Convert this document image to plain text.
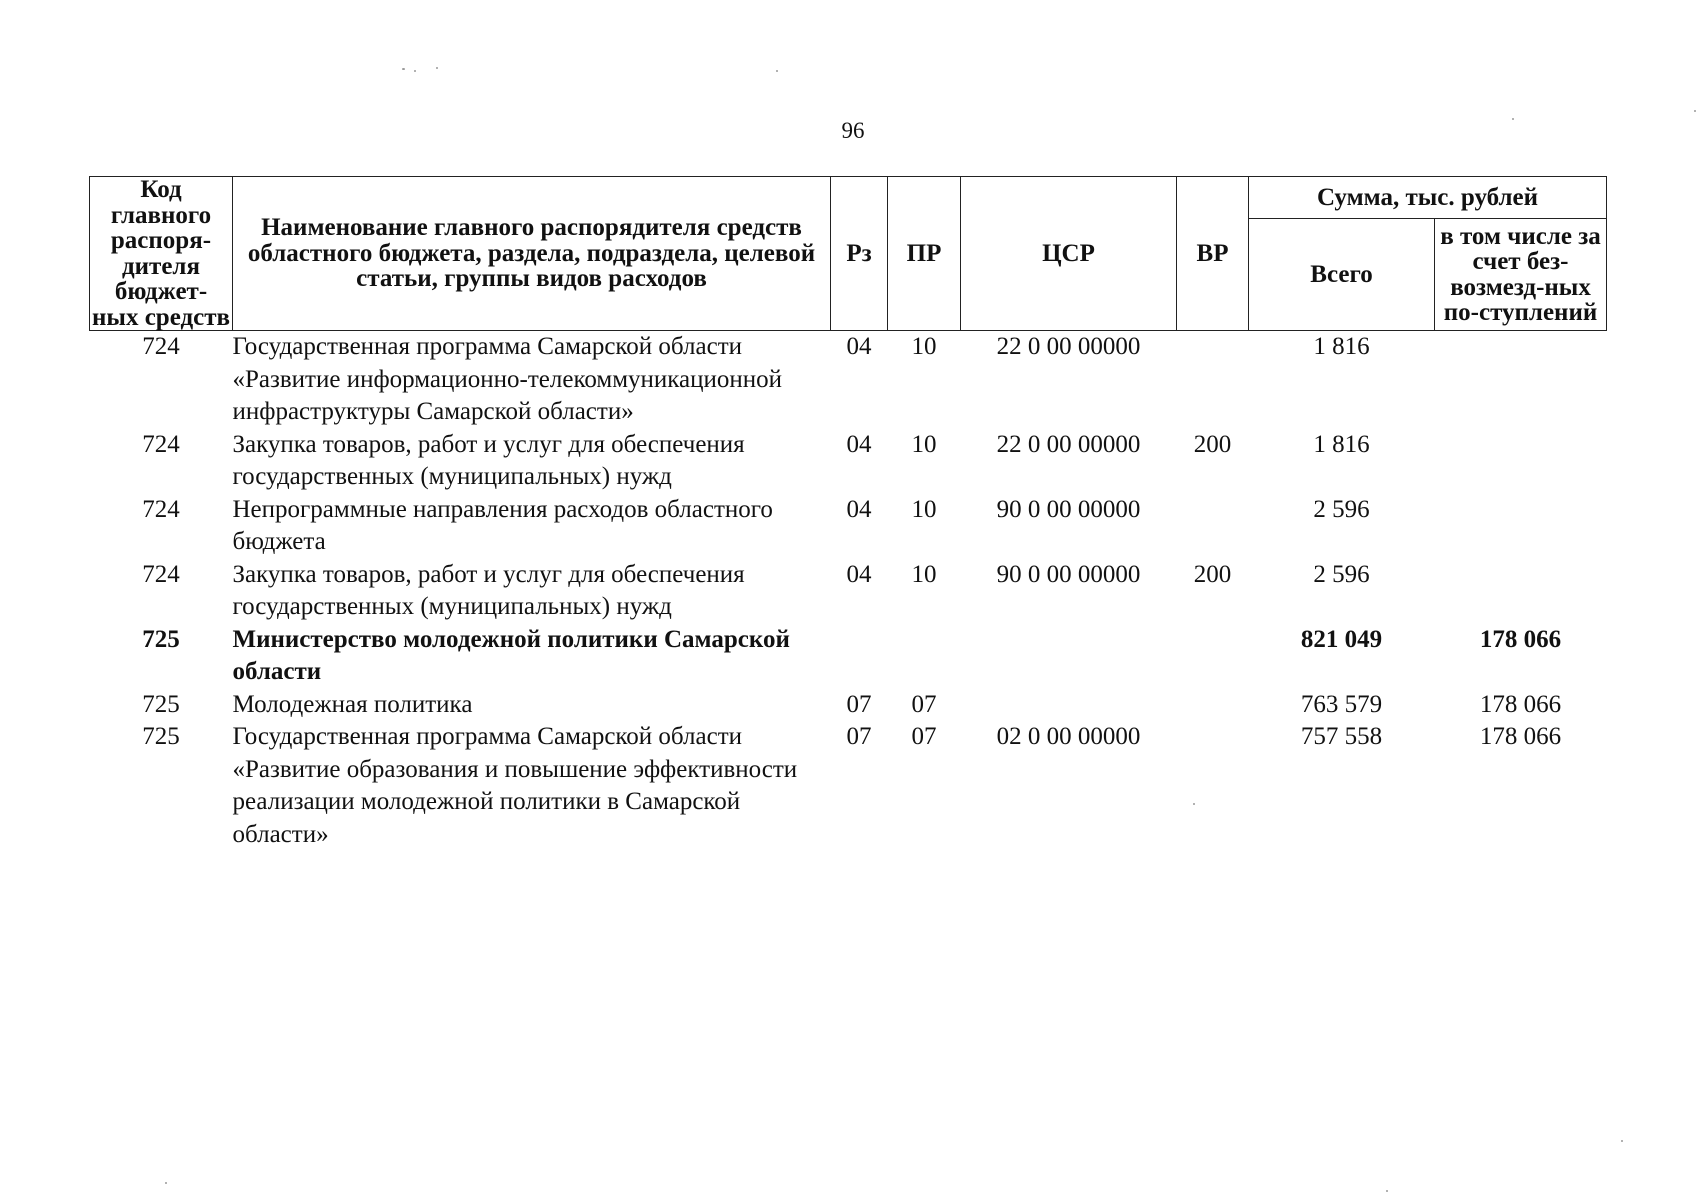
96
Код главного распоря-дителя бюджет-ных средств	Наименование главного распорядителя средств областного бюджета, раздела, подраздела, целевой статьи, группы видов расходов	Рз	ПР	ЦСР	ВР	Сумма, тыс. рублей	
						Всего	в том числе за счет без-возмезд-ных по-ступлений
724	Государственная программа Самарской области «Развитие информационно-телекоммуникационной инфраструктуры Самарской области»	04	10	22 0 00 00000		1 816	
724	Закупка товаров, работ и услуг для обеспечения государственных (муниципальных) нужд	04	10	22 0 00 00000	200	1 816	
724	Непрограммные направления расходов областного бюджета	04	10	90 0 00 00000		2 596	
724	Закупка товаров, работ и услуг для обеспечения государственных (муниципальных) нужд	04	10	90 0 00 00000	200	2 596	
725	Министерство молодежной политики Самарской области					821 049	178 066
725	Молодежная политика	07	07			763 579	178 066
725	Государственная программа Самарской области «Развитие образования и повышение эффективности реализации молодежной политики в Самарской области»	07	07	02 0 00 00000		757 558	178 066
